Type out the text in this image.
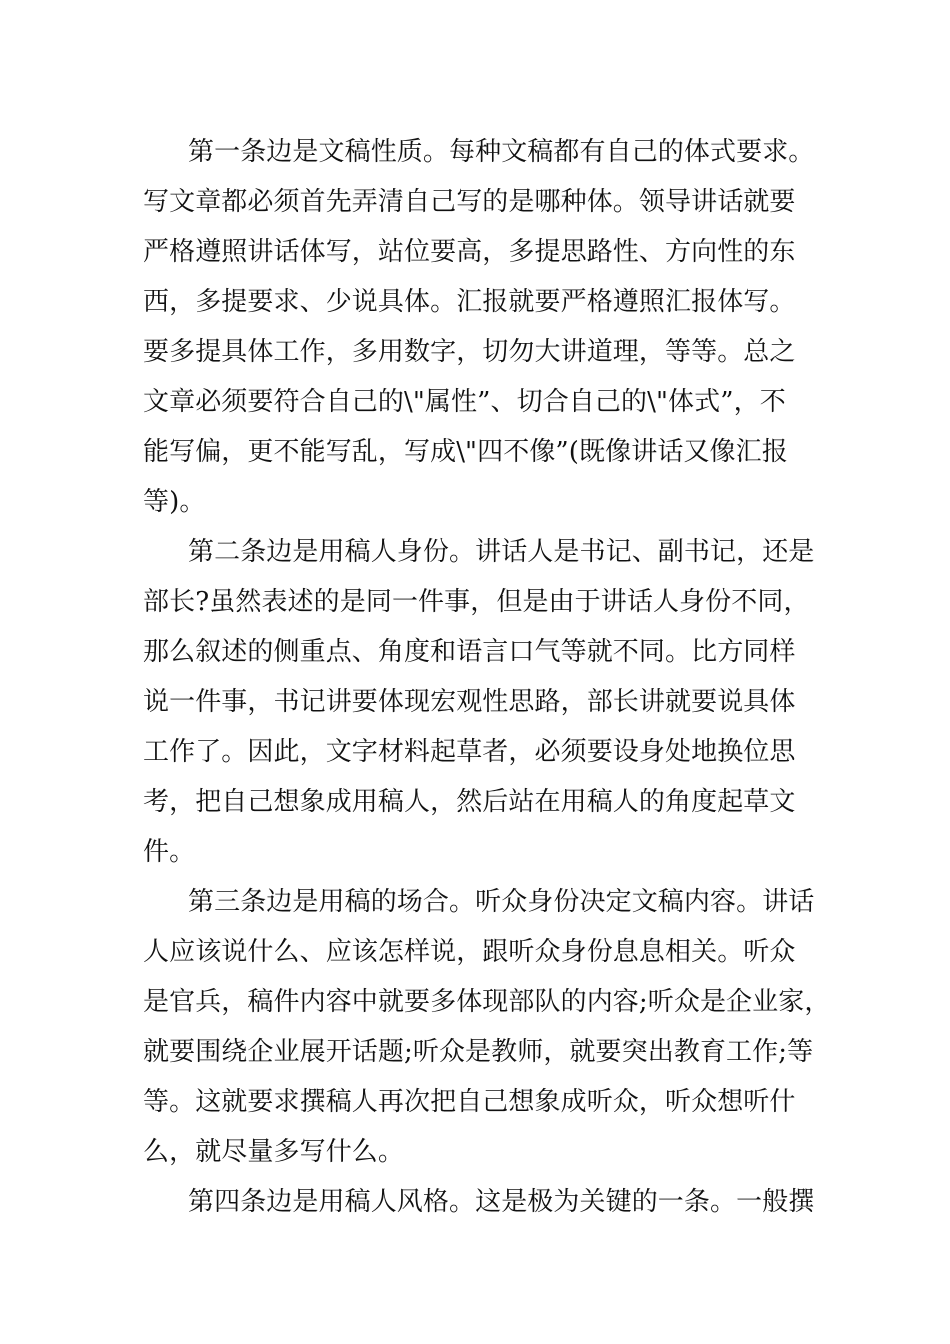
第一条边是文稿性质。每种文稿都有自己的体式要求。
写文章都必须首先弄清自己写的是哪种体。领导讲话就要
严格遵照讲话体写，站位要高，多提思路性、方向性的东
西，多提要求、少说具体。汇报就要严格遵照汇报体写。
要多提具体工作，多用数字，切勿大讲道理，等等。总之
文章必须要符合自己的\"属性”、切合自己的\"体式”，不
能写偏，更不能写乱，写成\"四不像”(既像讲话又像汇报
等)。
第二条边是用稿人身份。讲话人是书记、副书记，还是
部长?虽然表述的是同一件事，但是由于讲话人身份不同，
那么叙述的侧重点、角度和语言口气等就不同。比方同样
说一件事，书记讲要体现宏观性思路，部长讲就要说具体
工作了。因此，文字材料起草者，必须要设身处地换位思
考，把自己想象成用稿人，然后站在用稿人的角度起草文
件。
第三条边是用稿的场合。听众身份决定文稿内容。讲话
人应该说什么、应该怎样说，跟听众身份息息相关。听众
是官兵，稿件内容中就要多体现部队的内容;听众是企业家，
就要围绕企业展开话题;听众是教师，就要突出教育工作;等
等。这就要求撰稿人再次把自己想象成听众，听众想听什
么，就尽量多写什么。
第四条边是用稿人风格。这是极为关键的一条。一般撰
